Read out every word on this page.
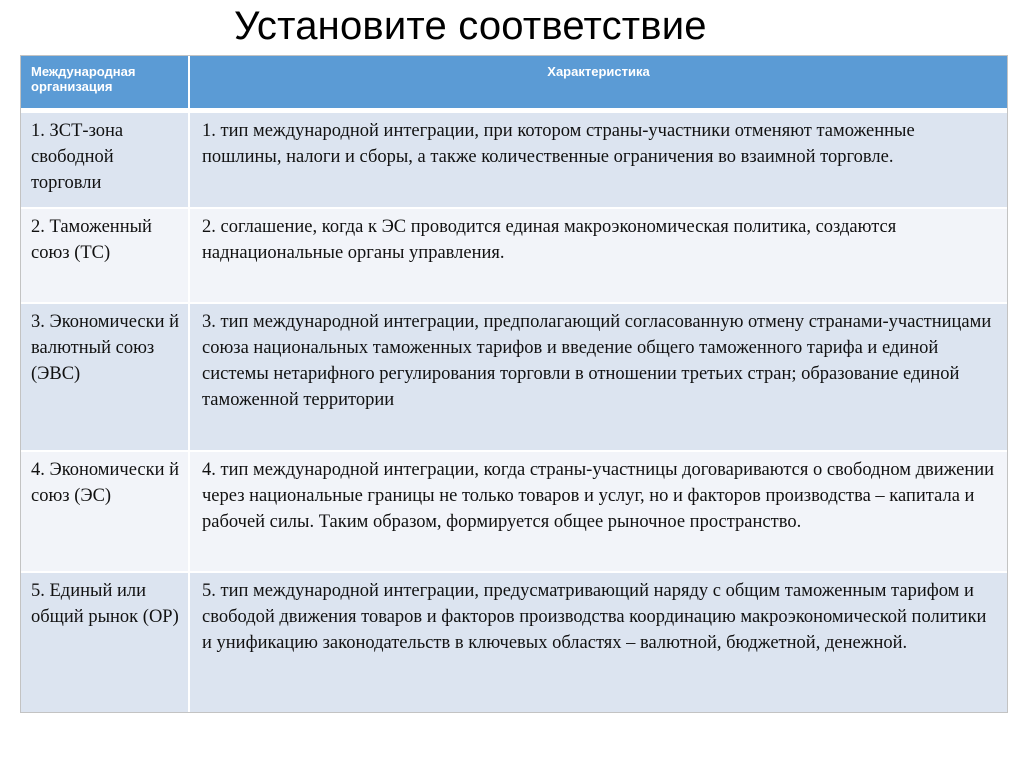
Установите соответствие
Международная организация	Характеристика
1. ЗСТ-зона свободной торговли	1. тип международной интеграции, при котором страны-участники отменяют таможенные пошлины, налоги и сборы, а также количественные ограничения во взаимной торговле.
2. Таможенный союз (ТС)	2. соглашение, когда к ЭС проводится единая макроэкономическая политика, создаются наднациональные органы управления.
3. Экономически й валютный союз (ЭВС)	3. тип международной интеграции, предполагающий согласованную отмену странами-участницами союза национальных таможенных тарифов и введение общего таможенного тарифа и единой системы нетарифного регулирования торговли в отношении третьих стран; образование единой таможенной территории
4. Экономически й союз (ЭС)	4. тип международной интеграции, когда страны-участницы договариваются о свободном движении через национальные границы не только товаров и услуг, но и факторов производства – капитала и рабочей силы. Таким образом, формируется общее рыночное пространство.
5. Единый или общий рынок (ОР)	5. тип международной интеграции, предусматривающий наряду с общим таможенным тарифом и свободой движения товаров и факторов производства координацию макроэкономической политики и унификацию законодательств в ключевых областях – валютной, бюджетной, денежной.
